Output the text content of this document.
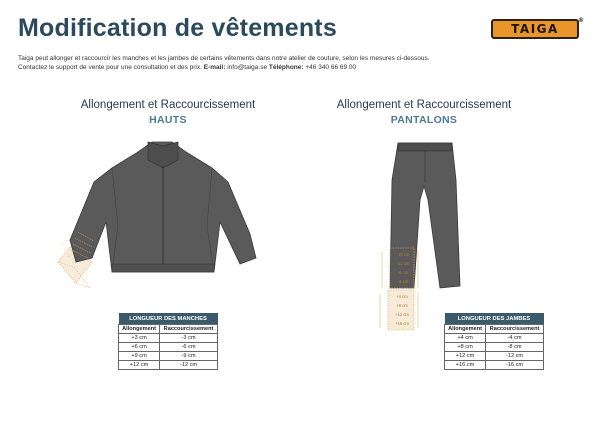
Modification de vêtements	TAIGA
®
Taiga peut allonger et raccourcir les manches et les jambes de certains vêtements dans notre atelier de couture, selon les mesures ci-dessous.
Contactez le support de vente pour une consultation et des prix. E-mail: info@taiga.se Téléphone: +46 340 66 69 00
Allongement et Raccourcissement
HAUTS
LONGUEUR DES MANCHES	
Allongement	Raccourcissement
+3 cm	-3 cm
+6 cm	-6 cm
+9 cm	-9 cm
+12 cm	-12 cm
Allongement et Raccourcissement
PANTALONS
-16 cm
-12 cm
-8 cm
-4 cm
+4 cm
+8 cm
+12 cm
+16 cm
LONGUEUR DES JAMBES	
Allongement	Raccourcissement
+4 cm	-4 cm
+8 cm	-8 cm
+12 cm	-12 cm
+16 cm	-16 cm
